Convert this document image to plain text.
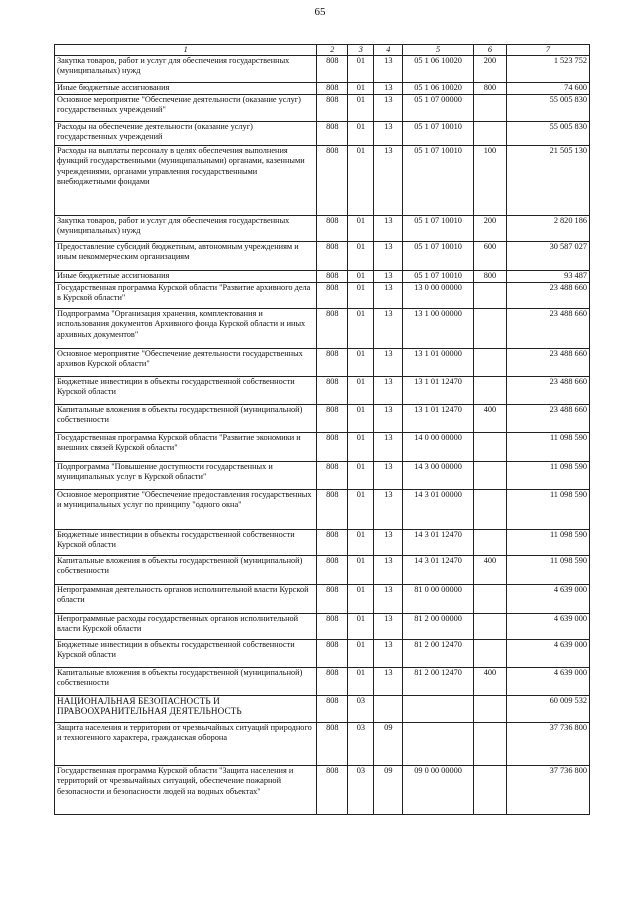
65
1	2	3	4	5	6	7
Закупка товаров, работ и услуг для обеспечения государственных (муниципальных) нужд	808	01	13	05 1 06 10020	200	1 523 752
Иные бюджетные ассигнования	808	01	13	05 1 06 10020	800	74 600
Основное мероприятие "Обеспечение деятельности (оказание услуг) государственных учреждений"	808	01	13	05 1 07 00000		55 005 830
Расходы на обеспечение деятельности (оказание услуг) государственных учреждений	808	01	13	05 1 07 10010		55 005 830
Расходы на выплаты персоналу в целях обеспечения выполнения функций государственными (муниципальными) органами, казенными учреждениями, органами управления государственными внебюджетными фондами	808	01	13	05 1 07 10010	100	21 505 130
Закупка товаров, работ и услуг для обеспечения государственных (муниципальных) нужд	808	01	13	05 1 07 10010	200	2 820 186
Предоставление субсидий бюджетным, автономным учреждениям и иным некоммерческим организациям	808	01	13	05 1 07 10010	600	30 587 027
Иные бюджетные ассигнования	808	01	13	05 1 07 10010	800	93 487
Государственная программа Курской области "Развитие архивного дела в Курской области"	808	01	13	13 0 00 00000		23 488 660
Подпрограмма "Организация хранения, комплектования и использования документов Архивного фонда Курской области и иных архивных документов"	808	01	13	13 1 00 00000		23 488 660
Основное мероприятие "Обеспечение деятельности государственных архивов Курской области"	808	01	13	13 1 01 00000		23 488 660
Бюджетные инвестиции в объекты государственной собственности Курской области	808	01	13	13 1 01 12470		23 488 660
Капитальные вложения в объекты государственной (муниципальной) собственности	808	01	13	13 1 01 12470	400	23 488 660
Государственная программа Курской области "Развитие экономики и внешних связей Курской области"	808	01	13	14 0 00 00000		11 098 590
Подпрограмма "Повышение доступности государственных и муниципальных услуг в Курской области"	808	01	13	14 3 00 00000		11 098 590
Основное мероприятие "Обеспечение предоставления государственных и муниципальных услуг по принципу "одного окна"	808	01	13	14 3 01 00000		11 098 590
Бюджетные инвестиции в объекты государственной собственности Курской области	808	01	13	14 3 01 12470		11 098 590
Капитальные вложения в объекты государственной (муниципальной) собственности	808	01	13	14 3 01 12470	400	11 098 590
Непрограммная деятельность органов исполнительной власти Курской области	808	01	13	81 0 00 00000		4 639 000
Непрограммные расходы государственных органов исполнительной власти Курской области	808	01	13	81 2 00 00000		4 639 000
Бюджетные инвестиции в объекты государственной собственности Курской области	808	01	13	81 2 00 12470		4 639 000
Капитальные вложения в объекты государственной (муниципальной) собственности	808	01	13	81 2 00 12470	400	4 639 000
НАЦИОНАЛЬНАЯ БЕЗОПАСНОСТЬ И ПРАВООХРАНИТЕЛЬНАЯ ДЕЯТЕЛЬНОСТЬ	808	03				60 009 532
Защита населения и территории от чрезвычайных ситуаций природного и техногенного характера, гражданская оборона	808	03	09			37 736 800
Государственная программа Курской области "Защита населения и территорий от чрезвычайных ситуаций, обеспечение пожарной безопасности и безопасности людей на водных объектах"	808	03	09	09 0 00 00000		37 736 800
